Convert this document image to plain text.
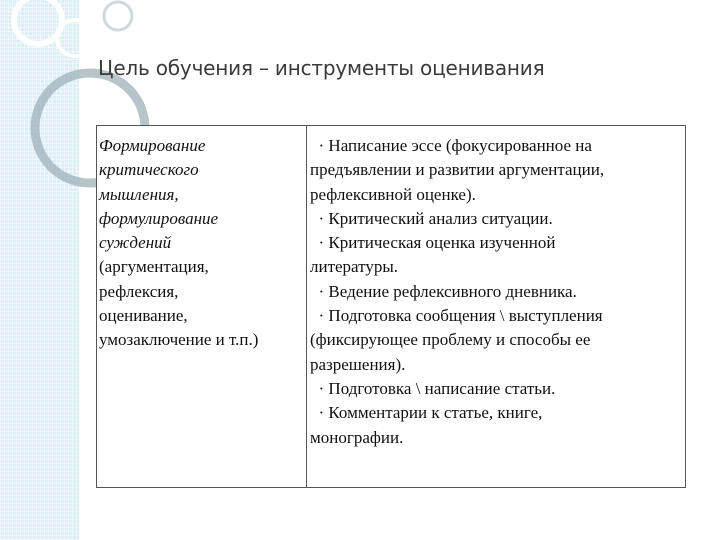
Цель обучения – инструменты оценивания
Формирование
критического
мышления,
формулирование
суждений
(аргументация,
рефлексия,
оценивание,
умозаключение и т.п.)
· Написание эссе (фокусированное на
предъявлении и развитии аргументации,
рефлексивной оценке).
· Критический анализ ситуации.
· Критическая оценка изученной
литературы.
· Ведение рефлексивного дневника.
· Подготовка сообщения \ выступления
(фиксирующее проблему и способы ее
разрешения).
· Подготовка \ написание статьи.
· Комментарии к статье, книге,
монографии.
